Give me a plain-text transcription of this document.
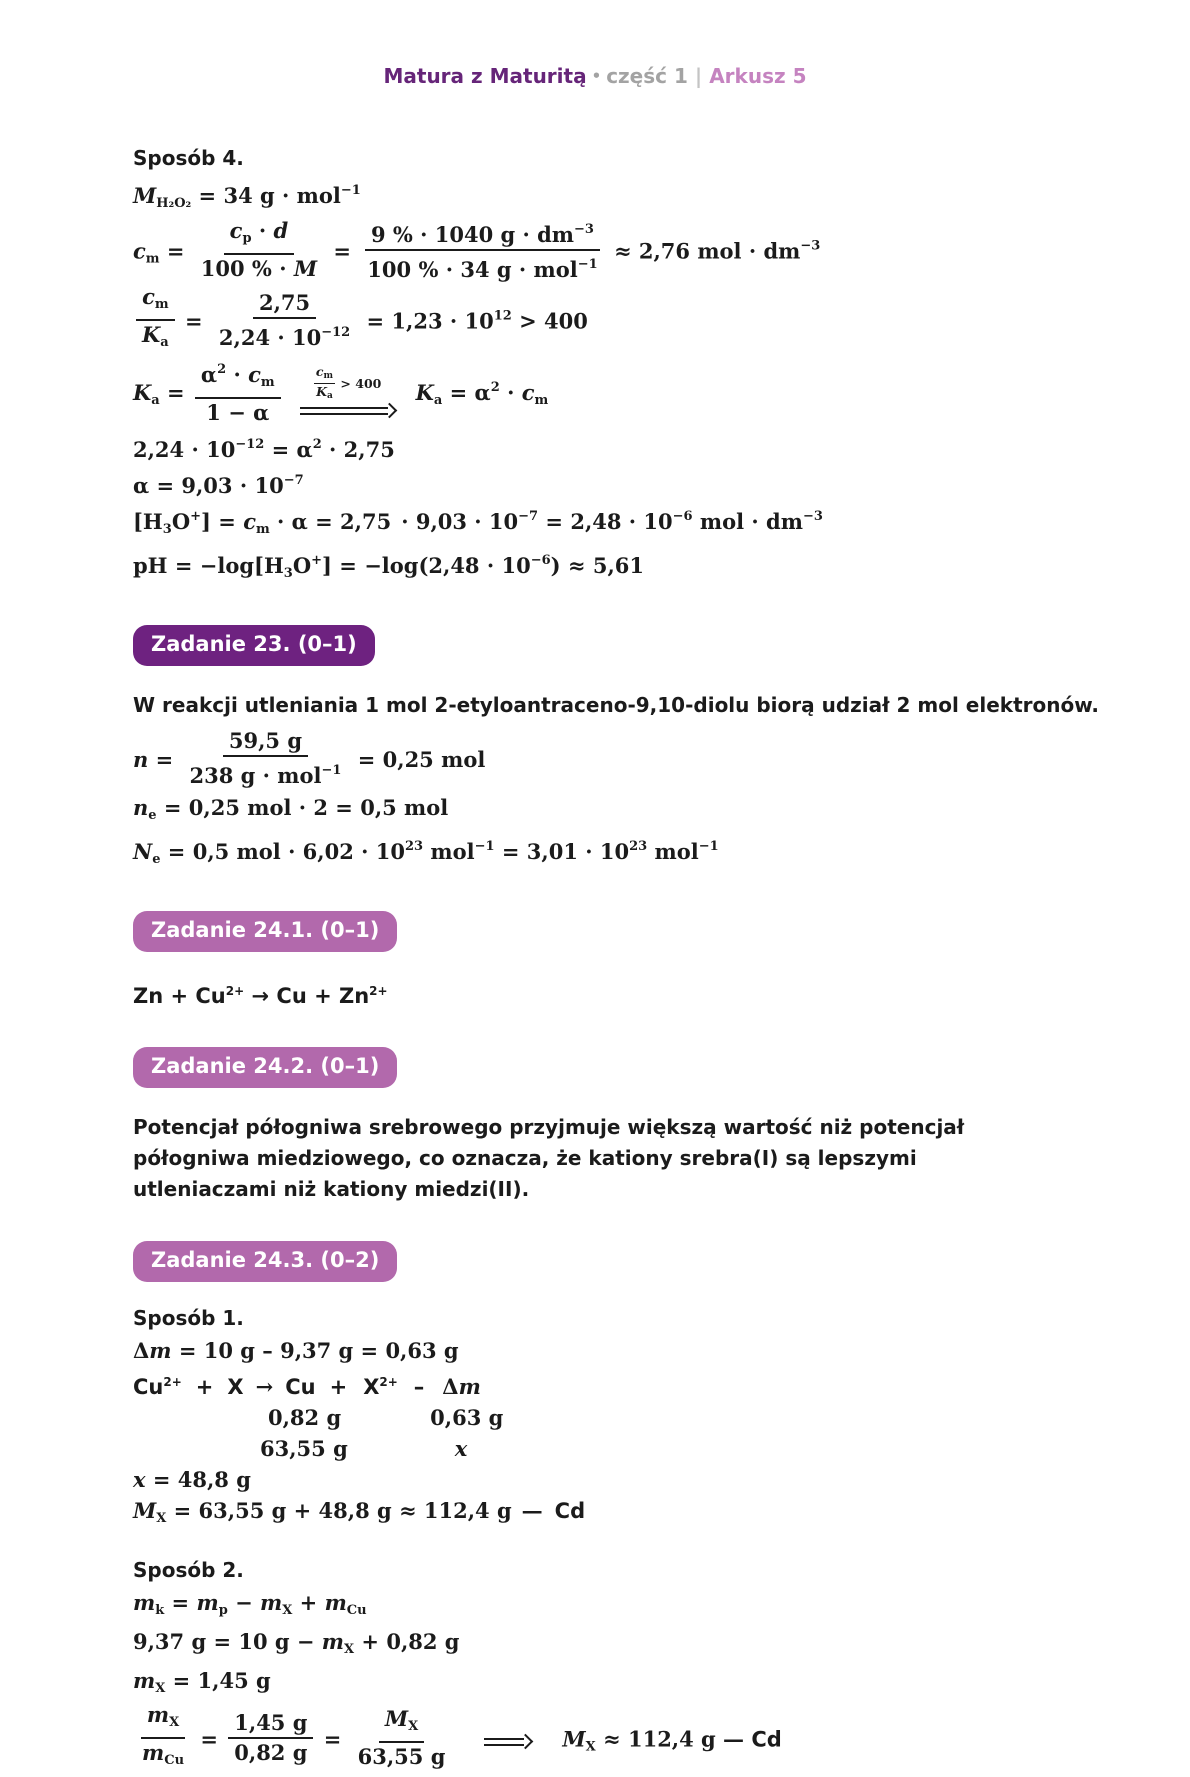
Matura z Maturitą • część 1 | Arkusz 5
Sposób 4.
MH₂O₂ = 34 g · mol$^{-1}$
cm = $\frac{cp \cdot d}{100 \% \cdot M} = \frac{9 \% \cdot 1040 g \cdot dm^{-3}}{100 \% \cdot 34 g \cdot mol^{-1}} \approx 2,76$ mol · $dm^{-3}$
$\frac{cm}{Ka} = \frac{2,75}{2,24 \cdot 10^{-12}} = 1,23 \cdot 10^{12} > 400$
$Ka = \frac{\alpha^2 \cdot cm}{1 - \alpha}$	$\frac{cm}{Ka} > 400$ $Ka = \alpha^2$ · cm
$2,24 \cdot 10^{-12} = \alpha^2 \cdot 2,75$
$\alpha = 9,03 \cdot 10^{-7}$
[H3O+] = cm · $\alpha = 2,75 \cdot 9,03 \cdot 10^{-7} = 2,48 \cdot 10^{-6}$ mol · $dm^{-3}$
pH = $-\log[H3O^+] = -\log(2,48 \cdot 10^{-6}) \approx 5,61$
Zadanie 23. (0–1)
W reakcji utleniania 1 mol 2-etyloantraceno-9,10-diolu biorą udział 2 mol elektronów.
$n = \frac{59,5 g}{238 g \cdot mol^{-1}} = 0,25$ mol
ne = 0,25 mol · 2 = 0,5 mol
Ne = 0,5 mol · $6,02 \cdot 10^{23}$ $mol^{-1} = 3,01 \cdot 10^{23}$ mol$^{-1}$
Zadanie 24.1. (0–1)
$Zn + Cu^{2+} \to Cu + Zn^{2+}$
Zadanie 24.2. (0–1)
Potencjał półogniwa srebrowego przyjmuje większą wartość niż potencjał półogniwa miedziowego, co oznacza, że kationy srebra(I) są lepszymi utleniaczami niż kationy miedzi(II).
Zadanie 24.3. (0–2)
Sposób 1.
Δm = 10 g – 9,37 g = 0,63 g
$Cu^{2+} + X \to Cu + X^{2+} - \Delta m$
0,82 g	0,63 g
63,55 g	x
x = 48,8 g
MX = 63,55 g + 48,8 g ≈ 112,4 g — Cd
Sposób 2.
mk = mp − mX + mCu
9,37 g = 10 g − mX + 0,82 g
mX = 1,45 g
$\frac{mX}{\text{mCu}} = \frac{1,45 g}{0,82 g} = \frac{MX}{63,55 g}$	MX ≈ 112,4 g — Cd
